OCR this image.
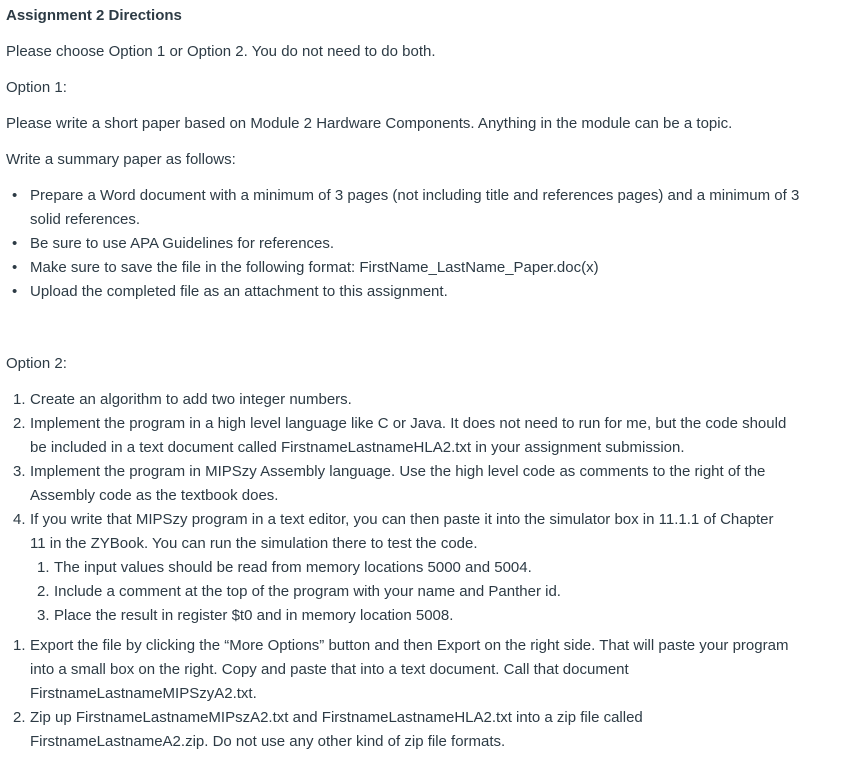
Assignment 2 Directions

Please choose Option 1 or Option 2. You do not need to do both.

Option 1:

Please write a short paper based on Module 2 Hardware Components. Anything in the module can be a topic.

Write a summary paper as follows:

• Prepare a Word document with a minimum of 3 pages (not including title and references pages) and a minimum of 3
solid references.
• Be sure to use APA Guidelines for references.
• Make sure to save the file in the following format: FirstName_LastName_Paper.doc(x)
• Upload the completed file as an attachment to this assignment.

Option 2:

1. Create an algorithm to add two integer numbers.
2. Implement the program in a high level language like C or Java. It does not need to run for me, but the code should
be included in a text document called FirstnameLastnameHLA2.txt in your assignment submission.
3. Implement the program in MIPSzy Assembly language. Use the high level code as comments to the right of the
Assembly code as the textbook does.
4. If you write that MIPSzy program in a text editor, you can then paste it into the simulator box in 11.1.1 of Chapter
11 in the ZYBook. You can run the simulation there to test the code.
1. The input values should be read from memory locations 5000 and 5004.
2. Include a comment at the top of the program with your name and Panther id.
3. Place the result in register $t0 and in memory location 5008.
1. Export the file by clicking the “More Options” button and then Export on the right side. That will paste your program
into a small box on the right. Copy and paste that into a text document. Call that document
FirstnameLastnameMIPSzyA2.txt.
2. Zip up FirstnameLastnameMIPszA2.txt and FirstnameLastnameHLA2.txt into a zip file called
FirstnameLastnameA2.zip. Do not use any other kind of zip file formats.
